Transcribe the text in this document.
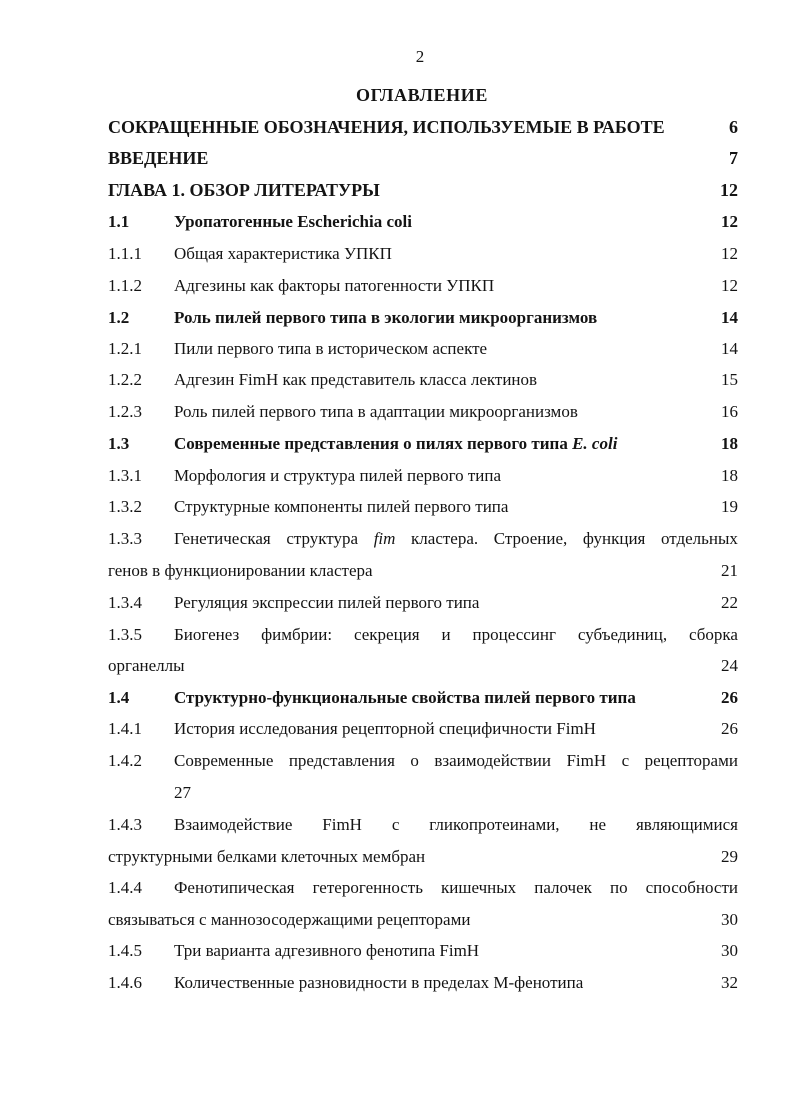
2
ОГЛАВЛЕНИЕ
СОКРАЩЕННЫЕ ОБОЗНАЧЕНИЯ, ИСПОЛЬЗУЕМЫЕ В РАБОТЕ	6
ВВЕДЕНИЕ	7
ГЛАВА 1. ОБЗОР ЛИТЕРАТУРЫ	12
1.1	Уропатогенные Escherichia coli	12
1.1.1 Общая характеристика УПКП	12
1.1.2 Адгезины как факторы патогенности УПКП	12
1.2	Роль пилей первого типа в экологии микроорганизмов	14
1.2.1 Пили первого типа в историческом аспекте	14
1.2.2 Адгезин FimH как представитель класса лектинов	15
1.2.3 Роль пилей первого типа в адаптации микроорганизмов	16
1.3	Современные представления о пилях первого типа E. coli	18
1.3.1 Морфология и структура пилей первого типа	18
1.3.2 Структурные компоненты пилей первого типа	19
1.3.3 Генетическая структура fim кластера. Строение, функция отдельных
генов в функционировании кластера	21
1.3.4 Регуляция экспрессии пилей первого типа	22
1.3.5 Биогенез фимбрии: секреция и процессинг субъединиц, сборка
органеллы	24
1.4	Структурно-функциональные свойства пилей первого типа	26
1.4.1 История исследования рецепторной специфичности FimH	26
1.4.2 Современные представления о взаимодействии FimH с рецепторами
27
1.4.3 Взаимодействие FimH с гликопротеинами, не являющимися
структурными белками клеточных мембран	29
1.4.4 Фенотипическая гетерогенность кишечных палочек по способности
связываться с маннозосодержащими рецепторами	30
1.4.5 Три варианта адгезивного фенотипа FimH	30
1.4.6 Количественные разновидности в пределах М-фенотипа	32
